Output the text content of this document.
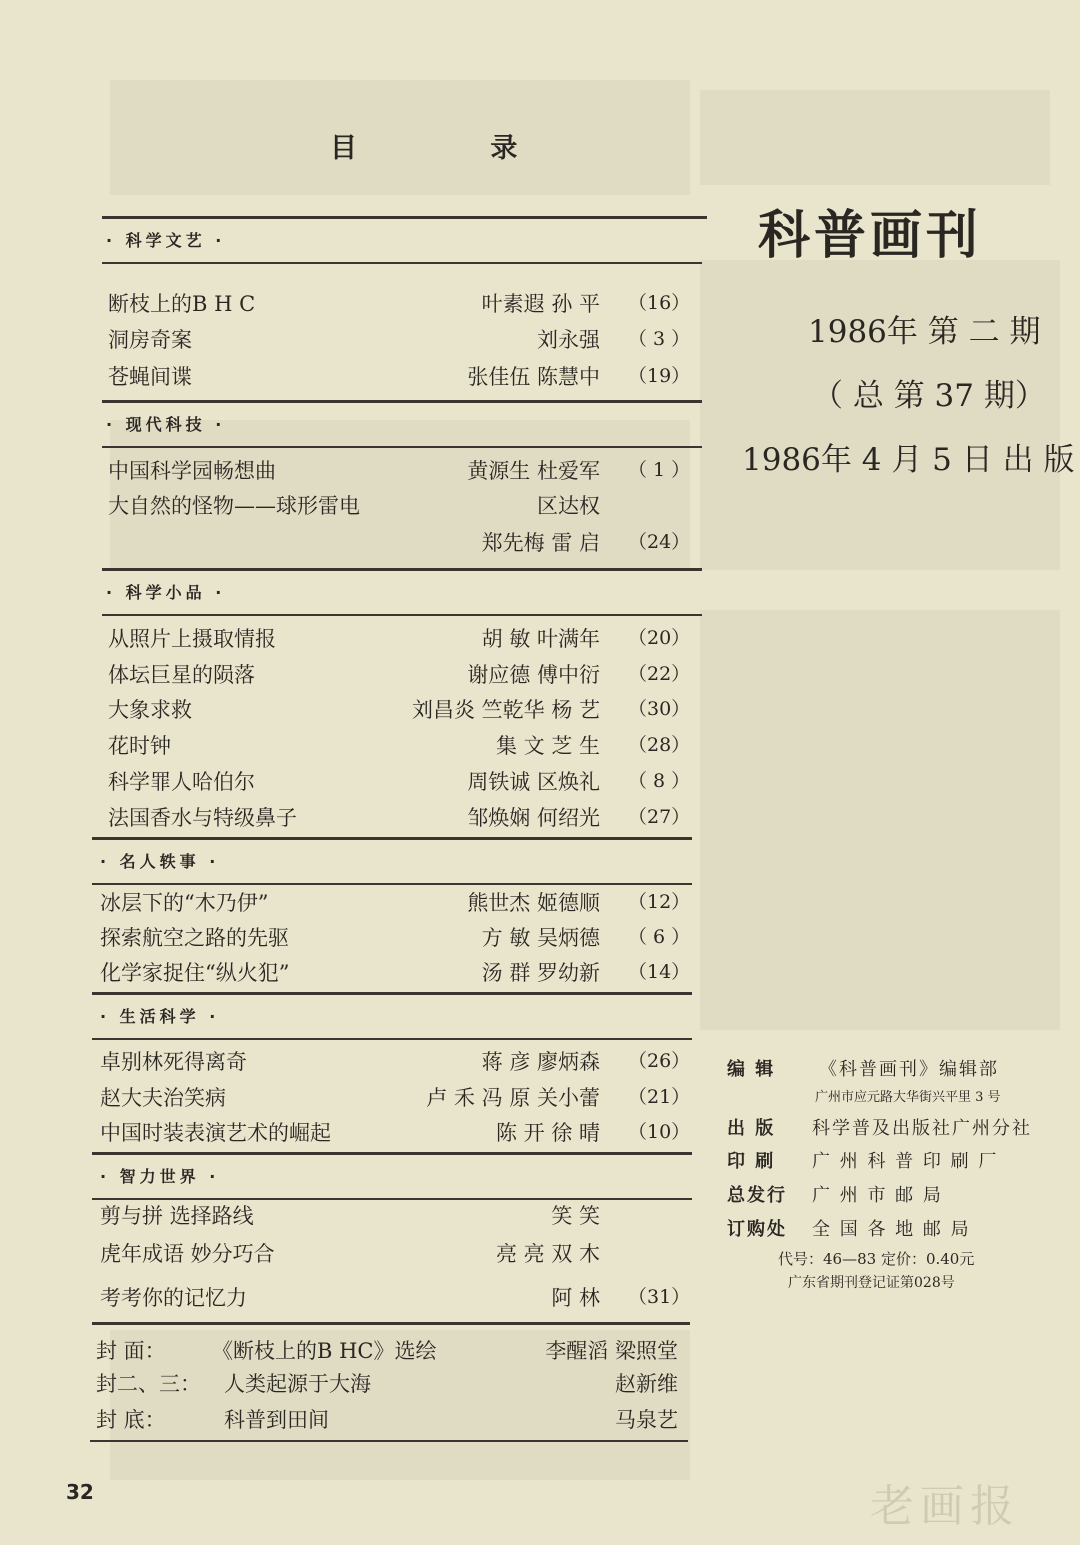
目 录
· 科学文艺 ·
断枝上的B H C	叶素遐 孙 平 （16）
洞房奇案	刘永强 （ 3 ）
苍蝇间谍	张佳伍 陈慧中 （19）
· 现代科技 ·
中国科学园畅想曲	黄源生 杜爱军 （ 1 ）
大自然的怪物——球形雷电	区达权
郑先梅 雷 启 （24）
· 科学小品 ·
从照片上摄取情报	胡 敏 叶满年 （20）
体坛巨星的陨落	谢应德 傅中衍 （22）
大象求救	刘昌炎 竺乾华 杨 艺 （30）
花时钟	集 文 芝 生 （28）
科学罪人哈伯尔	周铁诚 区焕礼 （ 8 ）
法国香水与特级鼻子	邹焕娴 何绍光 （27）
· 名人轶事 ·
冰层下的“木乃伊”	熊世杰 姬德顺 （12）
探索航空之路的先驱	方 敏 吴炳德 （ 6 ）
化学家捉住“纵火犯”	汤 群 罗幼新 （14）
· 生活科学 ·
卓别林死得离奇	蒋 彦 廖炳森 （26）
赵大夫治笑病	卢 禾 冯 原 关小蕾 （21）
中国时装表演艺术的崛起	陈 开 徐 晴 （10）
· 智力世界 ·
剪与拼 选择路线	笑 笑
虎年成语 妙分巧合	亮 亮 双 木
考考你的记忆力	阿 林 （31）
封 面： 《断枝上的B HC》选绘	李醒滔 梁照堂
封二、三： 人类起源于大海	赵新维
封 底：	科普到田间	马泉艺
科普画刊
1986年 第 二 期
（ 总 第 37 期）
1986年 4 月 5 日 出 版
编 辑 《科普画刊》编辑部
广州市应元路大华街兴平里 3 号
出 版 科学普及出版社广州分社
印 刷 广 州 科 普 印 刷 厂
总发行 广 州 市 邮 局
订购处 全 国 各 地 邮 局
代号：46—83 定价：0.40元
广东省期刊登记证第028号
32	老画报
